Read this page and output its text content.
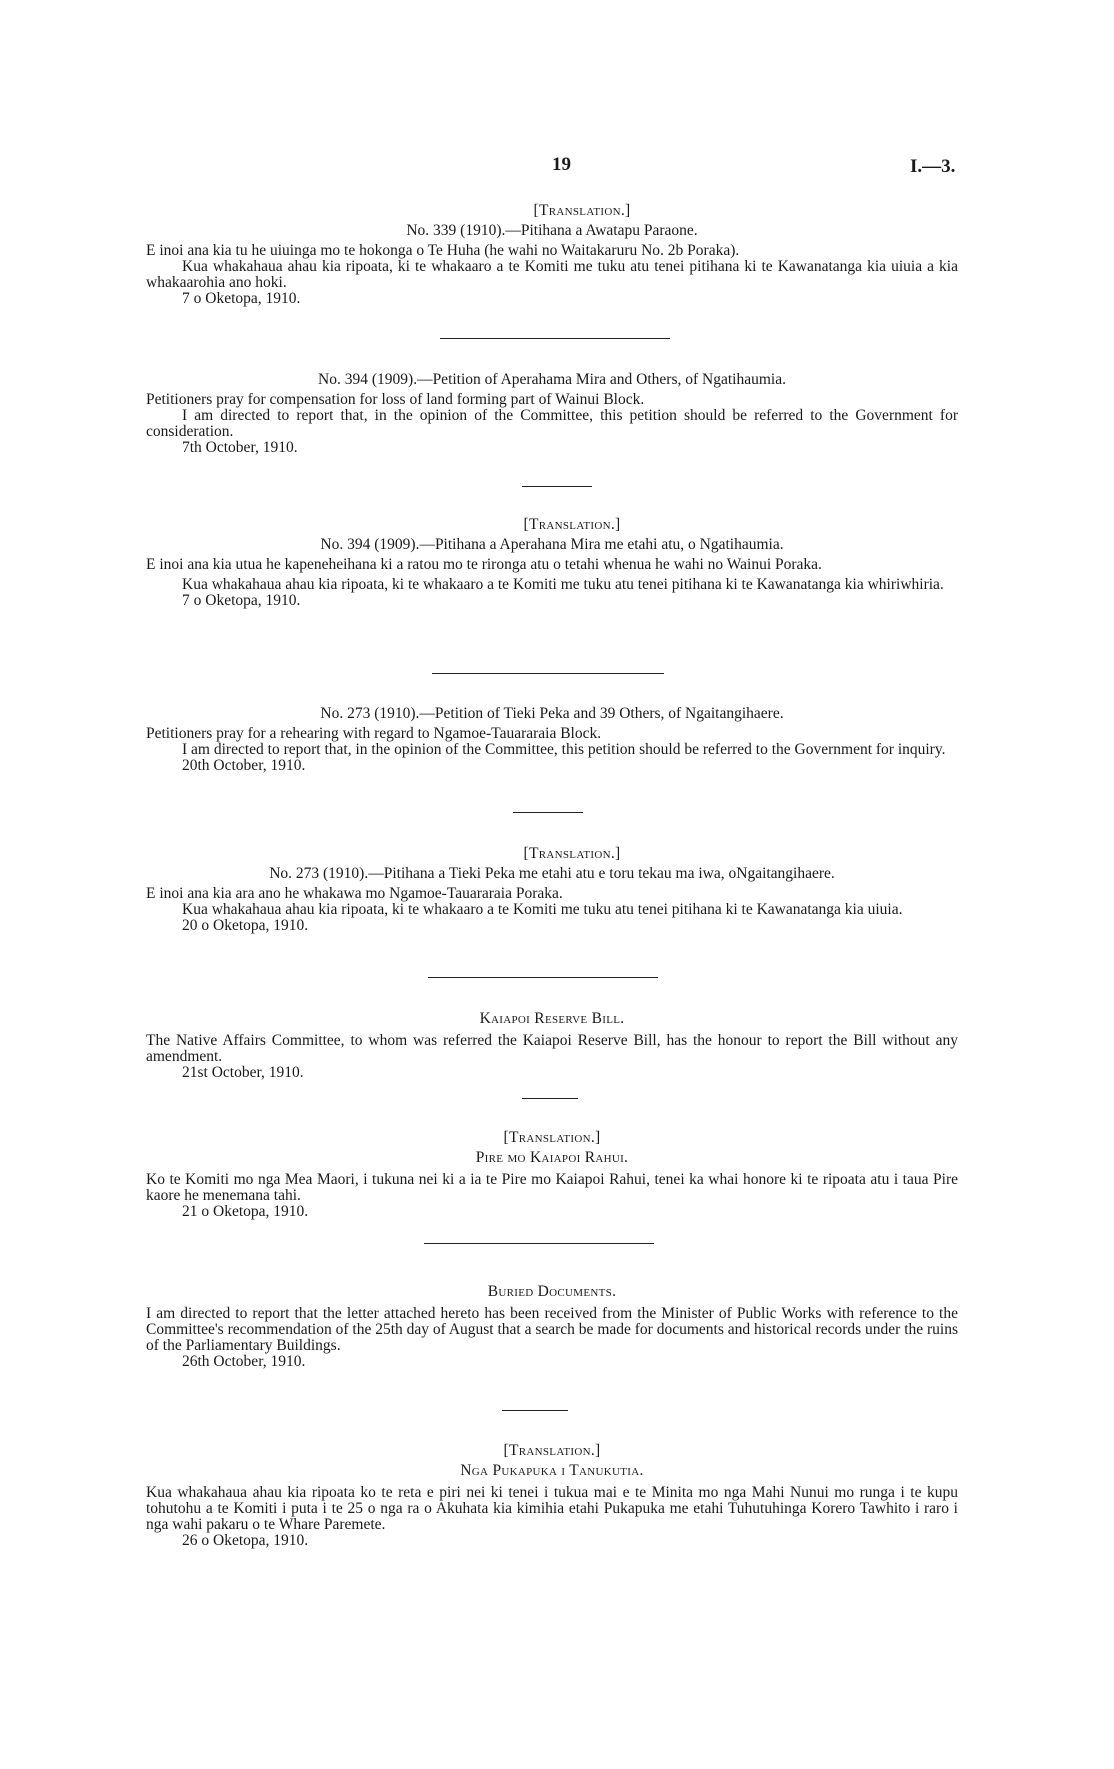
19	I.—3.

[Translation.]

No. 339 (1910).—Pitihana a Awatapu Paraone.

E inoi ana kia tu he uiuinga mo te hokonga o Te Huha (he wahi no Waitakaruru No. 2b Poraka).

Kua whakahaua ahau kia ripoata, ki te whakaaro a te Komiti me tuku atu tenei pitihana ki te Kawanatanga kia uiuia a kia whakaarohia ano hoki.

7 o Oketopa, 1910.

No. 394 (1909).—Petition of Aperahama Mira and Others, of Ngatihaumia.

Petitioners pray for compensation for loss of land forming part of Wainui Block.

I am directed to report that, in the opinion of the Committee, this petition should be referred to the Government for consideration.

7th October, 1910.

[Translation.]

No. 394 (1909).—Pitihana a Aperahana Mira me etahi atu, o Ngatihaumia.

E inoi ana kia utua he kapeneheihana ki a ratou mo te rironga atu o tetahi whenua he wahi no Wainui Poraka.

Kua whakahaua ahau kia ripoata, ki te whakaaro a te Komiti me tuku atu tenei pitihana ki te Kawanatanga kia whiriwhiria.

7 o Oketopa, 1910.

No. 273 (1910).—Petition of Tieki Peka and 39 Others, of Ngaitangihaere.

Petitioners pray for a rehearing with regard to Ngamoe-Tauararaia Block.

I am directed to report that, in the opinion of the Committee, this petition should be referred to the Government for inquiry.

20th October, 1910.

[Translation.]

No. 273 (1910).—Pitihana a Tieki Peka me etahi atu e toru tekau ma iwa, oNgaitangihaere.

E inoi ana kia ara ano he whakawa mo Ngamoe-Tauararaia Poraka.

Kua whakahaua ahau kia ripoata, ki te whakaaro a te Komiti me tuku atu tenei pitihana ki te Kawanatanga kia uiuia.

20 o Oketopa, 1910.

Kaiapoi Reserve Bill.

The Native Affairs Committee, to whom was referred the Kaiapoi Reserve Bill, has the honour to report the Bill without any amendment.

21st October, 1910.

[Translation.]

Pire mo Kaiapoi Rahui.

Ko te Komiti mo nga Mea Maori, i tukuna nei ki a ia te Pire mo Kaiapoi Rahui, tenei ka whai honore ki te ripoata atu i taua Pire kaore he menemana tahi.

21 o Oketopa, 1910.

Buried Documents.

I am directed to report that the letter attached hereto has been received from the Minister of Public Works with reference to the Committee's recommendation of the 25th day of August that a search be made for documents and historical records under the ruins of the Parliamentary Buildings.

26th October, 1910.

[Translation.]

Nga Pukapuka i Tanukutia.

Kua whakahaua ahau kia ripoata ko te reta e piri nei ki tenei i tukua mai e te Minita mo nga Mahi Nunui mo runga i te kupu tohutohu a te Komiti i puta i te 25 o nga ra o Akuhata kia kimihia etahi Pukapuka me etahi Tuhutuhinga Korero Tawhito i raro i nga wahi pakaru o te Whare Paremete.

26 o Oketopa, 1910.
